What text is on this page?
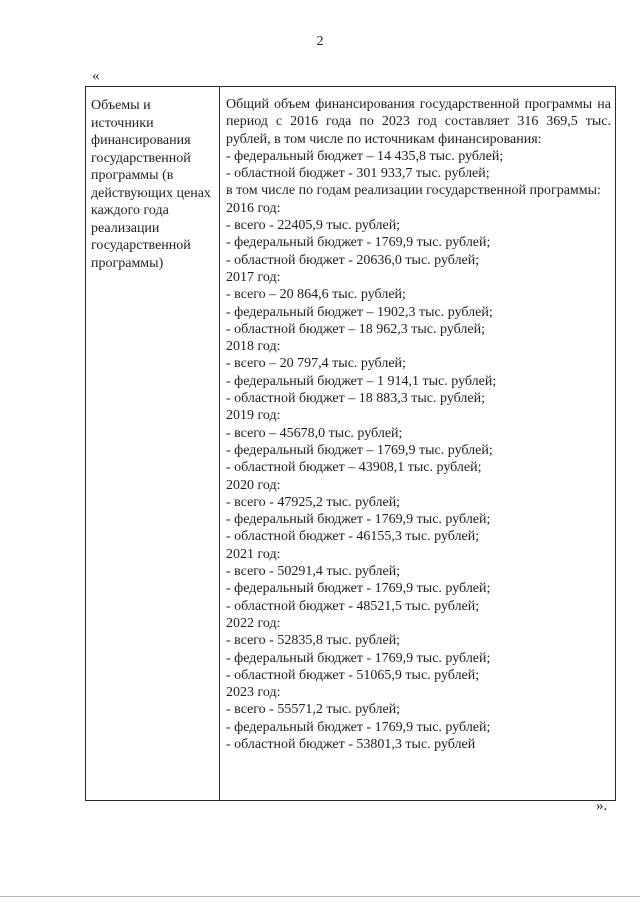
2
«
Объемы и источники финансирования государственной программы (в действующих ценах каждого года реализации государственной программы)

Общий объем финансирования государственной программы на период с 2016 года по 2023 год составляет 316 369,5 тыс. рублей, в том числе по источникам финансирования:

- федеральный бюджет – 14 435,8 тыс. рублей;
- областной бюджет - 301 933,7 тыс. рублей;

в том числе по годам реализации государственной программы:

2016 год:
- всего - 22405,9 тыс. рублей;
- федеральный бюджет - 1769,9 тыс. рублей;
- областной бюджет - 20636,0 тыс. рублей;
2017 год:
- всего – 20 864,6 тыс. рублей;
- федеральный бюджет – 1902,3 тыс. рублей;
- областной бюджет – 18 962,3 тыс. рублей;
2018 год:
- всего – 20 797,4 тыс. рублей;
- федеральный бюджет – 1 914,1 тыс. рублей;
- областной бюджет – 18 883,3 тыс. рублей;
2019 год:
- всего – 45678,0 тыс. рублей;
- федеральный бюджет – 1769,9 тыс. рублей;
- областной бюджет – 43908,1 тыс. рублей;
2020 год:
- всего - 47925,2 тыс. рублей;
- федеральный бюджет - 1769,9 тыс. рублей;
- областной бюджет - 46155,3 тыс. рублей;
2021 год:
- всего - 50291,4 тыс. рублей;
- федеральный бюджет - 1769,9 тыс. рублей;
- областной бюджет - 48521,5 тыс. рублей;
2022 год:
- всего - 52835,8 тыс. рублей;
- федеральный бюджет - 1769,9 тыс. рублей;
- областной бюджет - 51065,9 тыс. рублей;
2023 год:
- всего - 55571,2 тыс. рублей;
- федеральный бюджет - 1769,9 тыс. рублей;
- областной бюджет - 53801,3 тыс. рублей
».
